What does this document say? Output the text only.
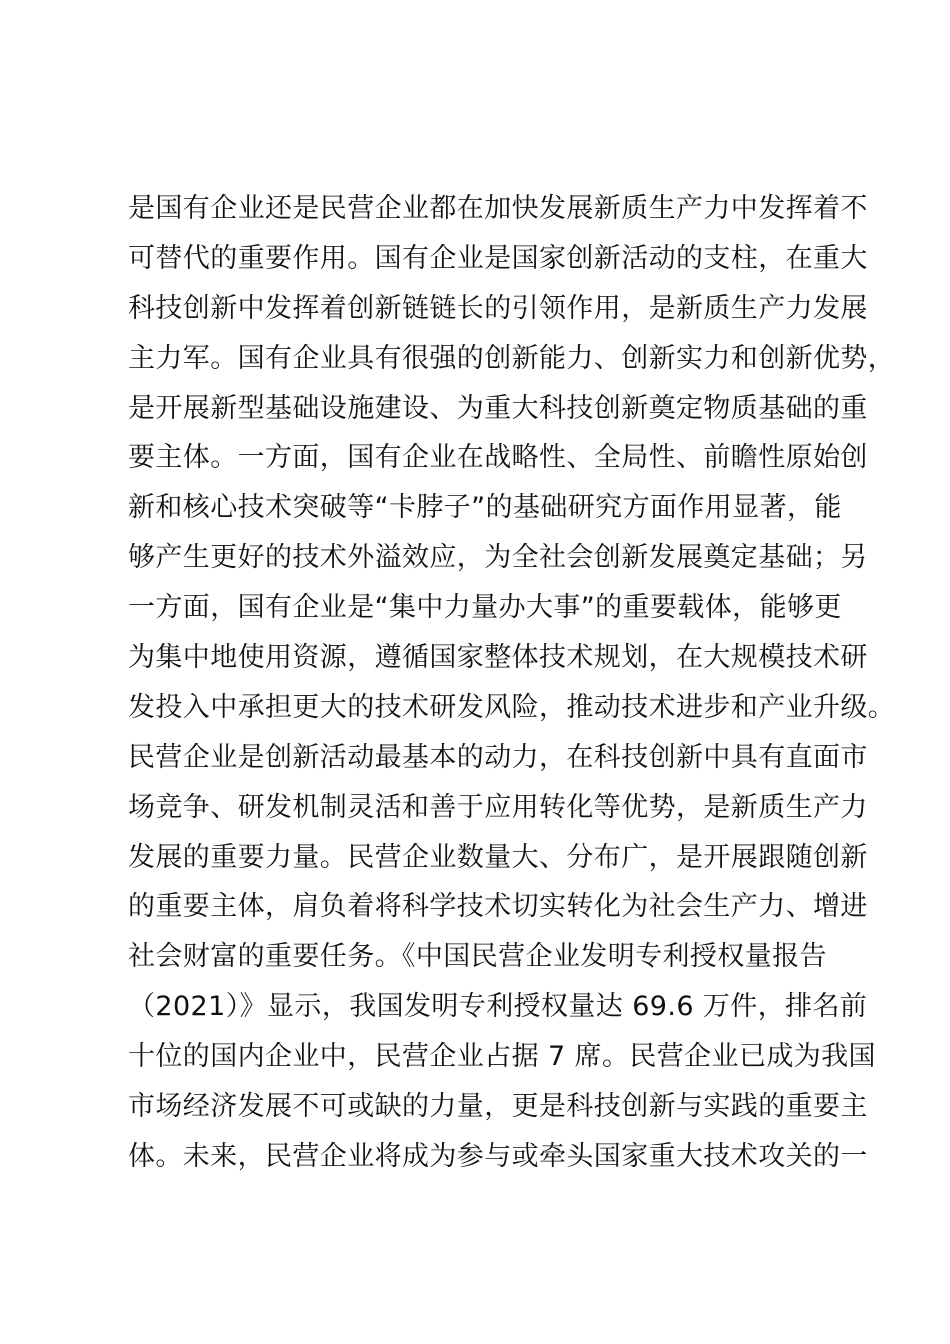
是国有企业还是民营企业都在加快发展新质生产力中发挥着不
可替代的重要作用。国有企业是国家创新活动的支柱，在重大
科技创新中发挥着创新链链长的引领作用，是新质生产力发展
主力军。国有企业具有很强的创新能力、创新实力和创新优势，
是开展新型基础设施建设、为重大科技创新奠定物质基础的重
要主体。一方面，国有企业在战略性、全局性、前瞻性原始创
新和核心技术突破等“卡脖子”的基础研究方面作用显著，能
够产生更好的技术外溢效应，为全社会创新发展奠定基础；另
一方面，国有企业是“集中力量办大事”的重要载体，能够更
为集中地使用资源，遵循国家整体技术规划，在大规模技术研
发投入中承担更大的技术研发风险，推动技术进步和产业升级。
民营企业是创新活动最基本的动力，在科技创新中具有直面市
场竞争、研发机制灵活和善于应用转化等优势，是新质生产力
发展的重要力量。民营企业数量大、分布广，是开展跟随创新
的重要主体，肩负着将科学技术切实转化为社会生产力、增进
社会财富的重要任务。《中国民营企业发明专利授权量报告
（2021）》显示，我国发明专利授权量达 69.6 万件，排名前
十位的国内企业中，民营企业占据 7 席。民营企业已成为我国
市场经济发展不可或缺的力量，更是科技创新与实践的重要主
体。未来，民营企业将成为参与或牵头国家重大技术攻关的一
